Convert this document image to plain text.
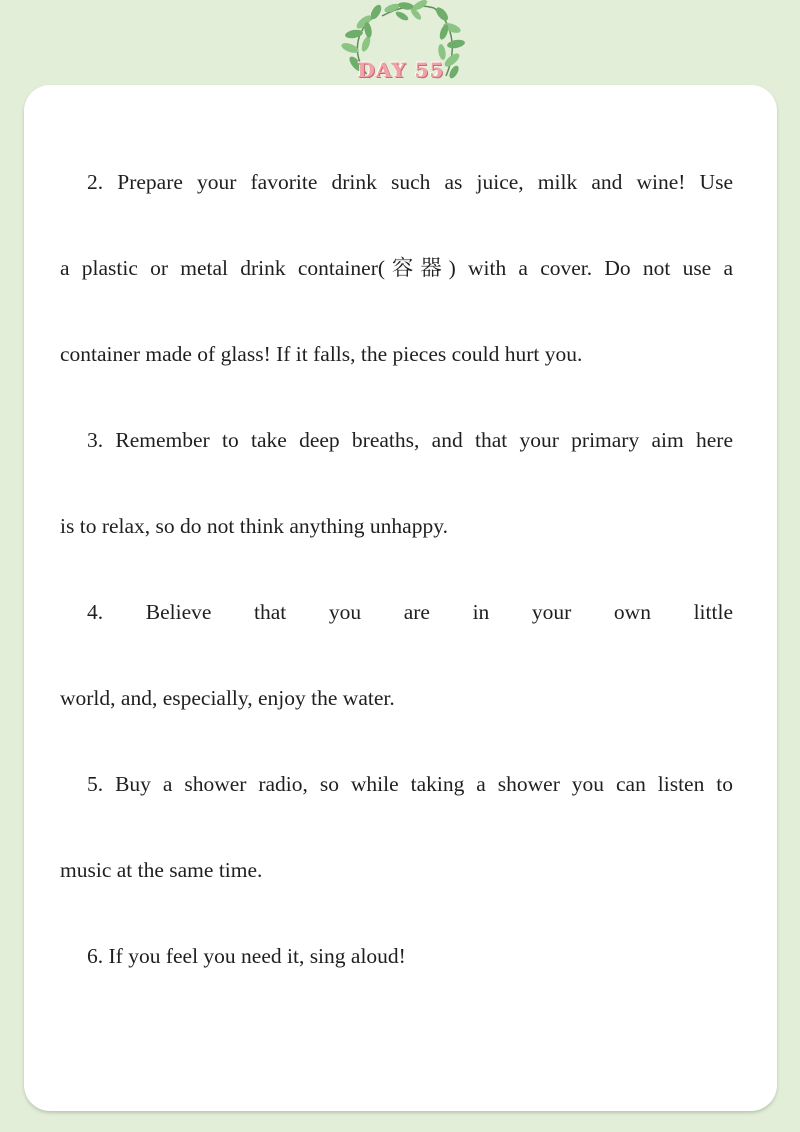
DAY 55
2. Prepare your favorite drink such as juice, milk and wine! Use
a plastic or metal drink container(容器) with a cover. Do not use a
container made of glass! If it falls, the pieces could hurt you.
3. Remember to take deep breaths, and that your primary aim here
is to relax, so do not think anything unhappy.
4. Believe that you are in your own little
world, and, especially, enjoy the water.
5. Buy a shower radio, so while taking a shower you can listen to
music at the same time.
6. If you feel you need it, sing aloud!
